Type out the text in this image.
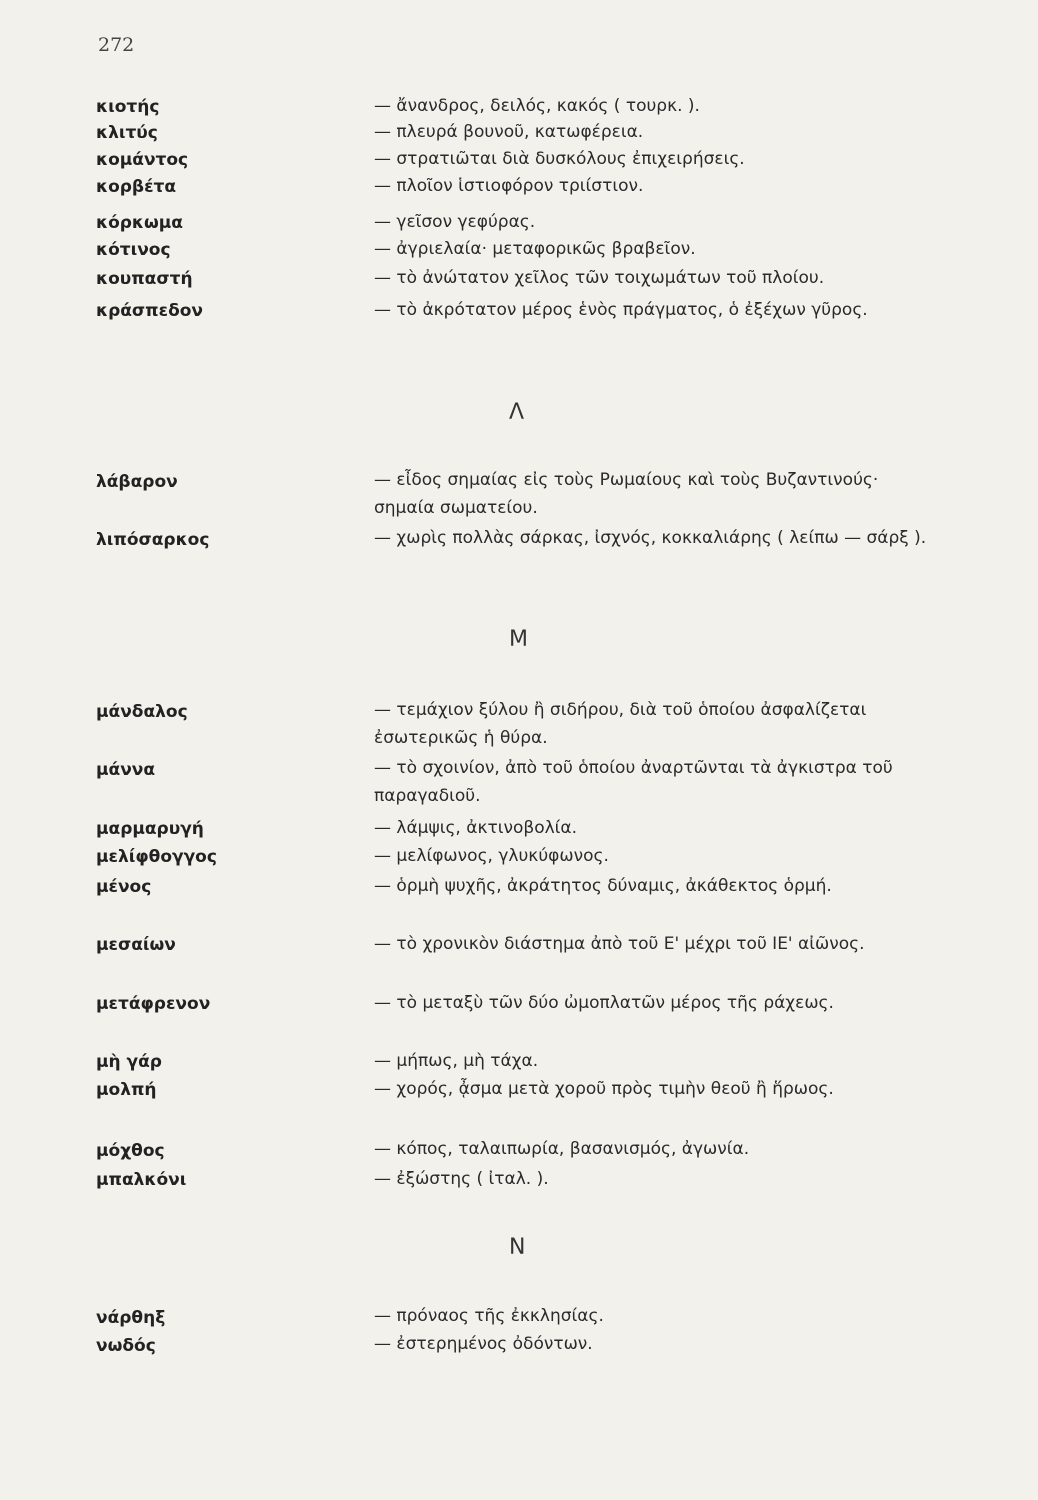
272
κιοτής	— ἄνανδρος, δειλός, κακός ( τουρκ. ).
κλιτύς	— πλευρά βουνοῦ, κατωφέρεια.
κομάντος	— στρατιῶται διὰ δυσκόλους ἐπιχειρήσεις.
κορβέτα	— πλοῖον ἱστιοφόρον τριίστιον.
κόρκωμα	— γεῖσον γεφύρας.
κότινος	— ἀγριελαία· μεταφορικῶς βραβεῖον.
κουπαστή	— τὸ ἀνώτατον χεῖλος τῶν τοιχωμάτων τοῦ πλοίου.
κράσπεδον	— τὸ ἀκρότατον μέρος ἑνὸς πράγματος, ὁ ἐξέχων γῦρος.
Λ
λάβαρον	— εἶδος σημαίας εἰς τοὺς Ρωμαίους καὶ τοὺς Βυζαντινούς· σημαία σωματείου.
λιπόσαρκος	— χωρὶς πολλὰς σάρκας, ἰσχνός, κοκκαλιάρης ( λείπω — σάρξ ).
Μ
μάνδαλος	— τεμάχιον ξύλου ἢ σιδήρου, διὰ τοῦ ὁποίου ἀσφαλίζεται ἐσωτερικῶς ἡ θύρα.
μάννα	— τὸ σχοινίον, ἀπὸ τοῦ ὁποίου ἀναρτῶνται τὰ ἀγκιστρα τοῦ παραγαδιοῦ.
μαρμαρυγή	— λάμψις, ἀκτινοβολία.
μελίφθογγος	— μελίφωνος, γλυκύφωνος.
μένος	— ὁρμὴ ψυχῆς, ἀκράτητος δύναμις, ἀκάθεκτος ὁρμή.
μεσαίων	— τὸ χρονικὸν διάστημα ἀπὸ τοῦ Ε' μέχρι τοῦ ΙΕ' αἰῶνος.
μετάφρενον	— τὸ μεταξὺ τῶν δύο ὠμοπλατῶν μέρος τῆς ράχεως.
μὴ γάρ	— μήπως, μὴ τάχα.
μολπή	— χορός, ᾆσμα μετὰ χοροῦ πρὸς τιμὴν θεοῦ ἢ ἥρωος.
μόχθος	— κόπος, ταλαιπωρία, βασανισμός, ἀγωνία.
μπαλκόνι	— ἐξώστης ( ἰταλ. ).
Ν
νάρθηξ	— πρόναος τῆς ἐκκλησίας.
νωδός	— ἐστερημένος ὀδόντων.
